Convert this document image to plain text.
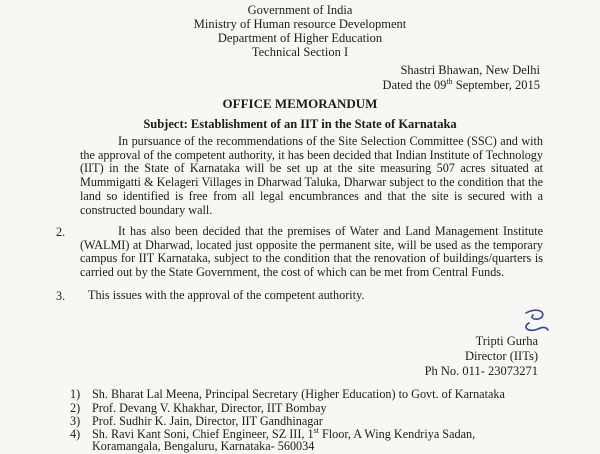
Government of India
Ministry of Human resource Development
Department of Higher Education
Technical Section I
Shastri Bhawan, New Delhi
Dated the 09th September, 2015
OFFICE MEMORANDUM
Subject: Establishment of an IIT in the State of Karnataka
In pursuance of the recommendations of the Site Selection Committee (SSC) and with the approval of the competent authority, it has been decided that Indian Institute of Technology (IIT) in the State of Karnataka will be set up at the site measuring 507 acres situated at Mummigatti & Kelageri Villages in Dharwad Taluka, Dharwar subject to the condition that the land so identified is free from all legal encumbrances and that the site is secured with a constructed boundary wall.
2.	It has also been decided that the premises of Water and Land Management Institute (WALMI) at Dharwad, located just opposite the permanent site, will be used as the temporary campus for IIT Karnataka, subject to the condition that the renovation of buildings/quarters is carried out by the State Government, the cost of which can be met from Central Funds.
3. This issues with the approval of the competent authority.
Tripti Gurha
Director (IITs)
Ph No. 011- 23073271
1) Sh. Bharat Lal Meena, Principal Secretary (Higher Education) to Govt. of Karnataka
2) Prof. Devang V. Khakhar, Director, IIT Bombay
3) Prof. Sudhir K. Jain, Director, IIT Gandhinagar
4) Sh. Ravi Kant Soni, Chief Engineer, SZ III, 1st Floor, A Wing Kendriya Sadan,
Koramangala, Bengaluru, Karnataka- 560034
